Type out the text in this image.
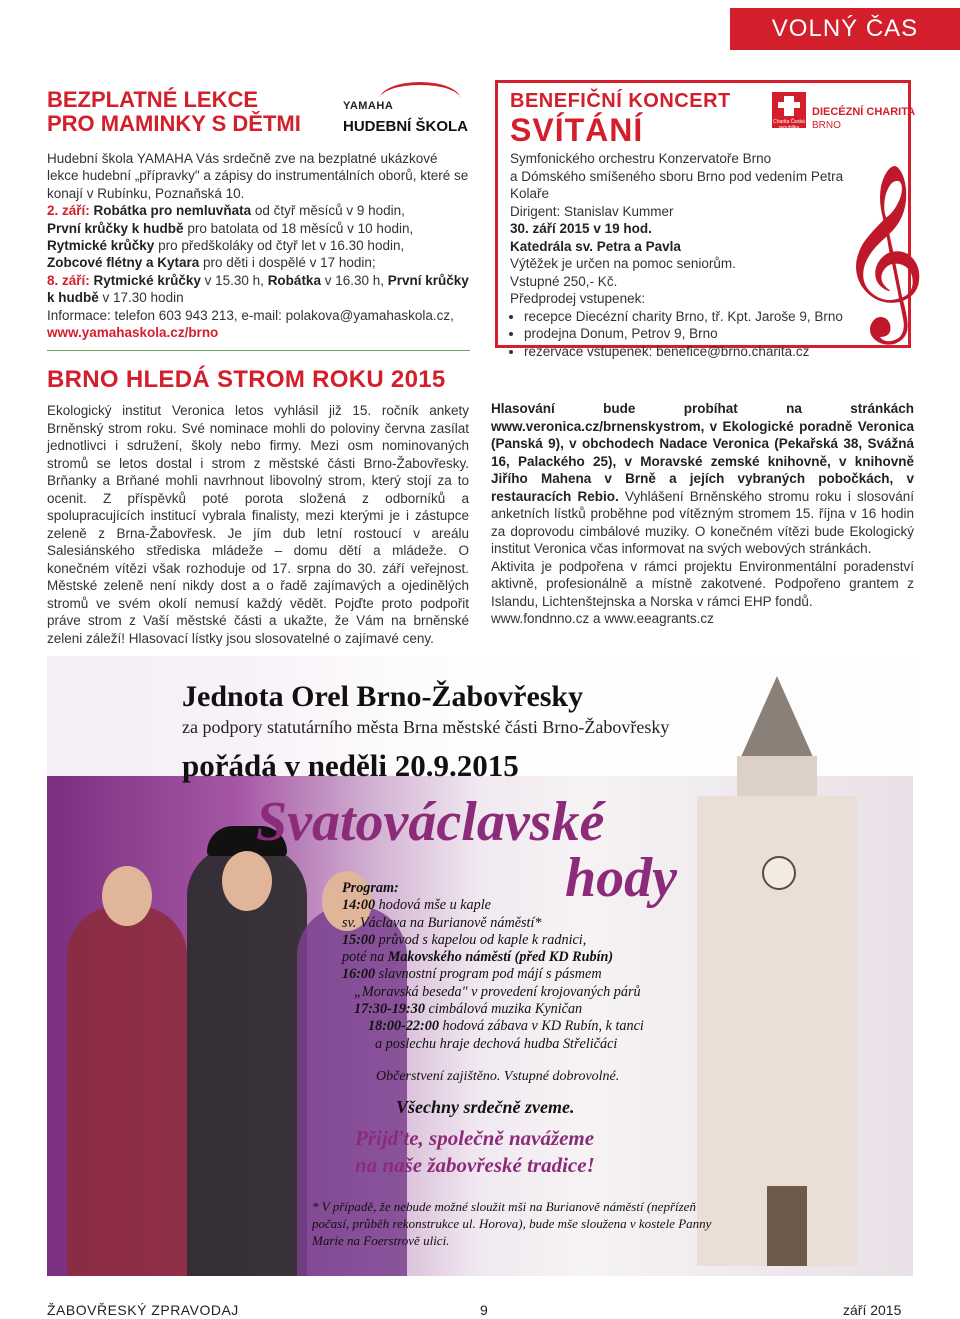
VOLNÝ ČAS
BEZPLATNÉ LEKCE
PRO MAMINKY S DĚTMI
YAMAHA
HUDEBNÍ ŠKOLA

Hudební škola YAMAHA Vás srdečně zve na bezplatné ukázkové lekce hudební „přípravky" a zápisy do instrumentálních oborů, které se konají v Rubínku, Poznaňská 10.

2. září: Robátka pro nemluvňata od čtyř měsíců v 9 hodin,
První krůčky k hudbě pro batolata od 18 měsíců v 10 hodin,
Rytmické krůčky pro předškoláky od čtyř let v 16.30 hodin,
Zobcové flétny a Kytara pro děti i dospělé v 17 hodin;

8. září: Rytmické krůčky v 15.30 h, Robátka v 16.30 h, První krůčky k hudbě v 17.30 hodin

Informace: telefon 603 943 213, e-mail: polakova@yamahaskola.cz,

www.yamahaskola.cz/brno

BENEFIČNÍ KONCERT
SVÍTÁNÍ	Charita Česká republika
DIECÉZNÍ CHARITA
BRNO

Symfonického orchestru Konzervatoře Brno

a Dómského smíšeného sboru Brno pod vedením Petra Kolaře

Dirigent: Stanislav Kummer

30. září 2015 v 19 hod.

Katedrála sv. Petra a Pavla

Výtěžek je určen na pomoc seniorům.

Vstupné 250,- Kč.

Předprodej vstupenek:

• recepce Diecézní charity Brno, tř. Kpt. Jaroše 9, Brno
• prodejna Donum, Petrov 9, Brno
• rezervace vstupenek: benefice@brno.charita.cz
𝄞
BRNO HLEDÁ STROM ROKU 2015
Ekologický institut Veronica letos vyhlásil již 15. ročník ankety Brněnský strom roku. Své nominace mohli do poloviny června zasílat jednotlivci i sdružení, školy nebo firmy. Mezi osm nominovaných stromů se letos dostal i strom z městské části Brno-Žabovřesky. Brňanky a Brňané mohli navrhnout libovolný strom, který stojí za to ocenit. Z příspěvků poté porota složená z odborníků a spolupracujících institucí vybrala finalisty, mezi kterými je i zástupce zeleně z Brna-Žabovřesk. Je jím dub letní rostoucí v areálu Salesiánského střediska mládeže – domu dětí a mládeže. O konečném vítězi však rozhoduje od 17. srpna do 30. září veřejnost. Městské zeleně není nikdy dost a o řadě zajímavých a ojedinělých stromů ve svém okolí nemusí každý vědět. Pojďte proto podpořit práve strom z Vaší městské části a ukažte, že Vám na brněnské zeleni záleží! Hlasovací lístky jsou slosovatelné o zajímavé ceny.
Hlasování bude probíhat na stránkách www.veronica.cz/brnenskystrom, v Ekologické poradně Veronica (Panská 9), v obchodech Nadace Veronica (Pekařská 38, Svážná 16, Palackého 25), v Moravské zemské knihovně, v knihovně Jiřího Mahena v Brně a jejích vybraných pobočkách, v restauracích Rebio. Vyhlášení Brněnského stromu roku i slosování anketních lístků proběhne pod vítězným stromem 15. října v 16 hodin za doprovodu cimbálové muziky. O konečném vítězi bude Ekologický institut Veronica včas informovat na svých webových stránkách.
Aktivita je podpořena v rámci projektu Environmentální poradenství aktivně, profesionálně a místně zakotvené. Podpořeno grantem z Islandu, Lichtenštejnska a Norska v rámci EHP fondů.
www.fondnno.cz a www.eeagrants.cz
Jednota Orel Brno-Žabovřesky
za podpory statutárního města Brna městské části Brno-Žabovřesky
pořádá v neděli 20.9.2015
Svatováclavské
hody
Program:
14:00 hodová mše u kaple
sv. Václava na Burianově náměstí*
15:00 průvod s kapelou od kaple k radnici,
poté na Makovského náměstí (před KD Rubín)
16:00 slavnostní program pod májí s pásmem
„Moravská beseda" v provedení krojovaných párů
17:30-19:30 cimbálová muzika Kyničan
18:00-22:00 hodová zábava v KD Rubín, k tanci
a poslechu hraje dechová hudba Střeličáci
Občerstvení zajištěno. Vstupné dobrovolné.
Všechny srdečně zveme.
Přijďte, společně navážeme
na naše žabovřeské tradice!
* V případě, že nebude možné sloužit mši na Burianově náměstí (nepřízeň počasí, průběh rekonstrukce ul. Horova), bude mše sloužena v kostele Panny Marie na Foerstrově ulici.
ŽABOVŘESKÝ ZPRAVODAJ	9	září 2015
